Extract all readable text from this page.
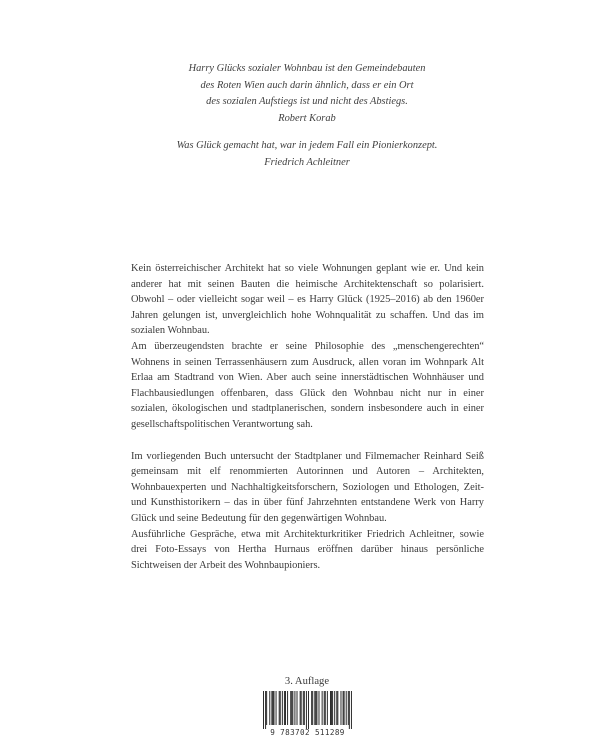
Harry Glücks sozialer Wohnbau ist den Gemeindebauten
des Roten Wien auch darin ähnlich, dass er ein Ort
des sozialen Aufstiegs ist und nicht des Abstiegs.
Robert Korab
Was Glück gemacht hat, war in jedem Fall ein Pionierkonzept.
Friedrich Achleitner

Kein österreichischer Architekt hat so viele Wohnungen geplant wie er. Und kein anderer hat mit seinen Bauten die heimische Architektenschaft so polarisiert. Obwohl – oder vielleicht sogar weil – es Harry Glück (1925–2016) ab den 1960er Jahren gelungen ist, unvergleichlich hohe Wohnqualität zu schaffen. Und das im sozialen Wohnbau.

Am überzeugendsten brachte er seine Philosophie des „menschengerechten“ Wohnens in seinen Terrassenhäusern zum Ausdruck, allen voran im Wohnpark Alt Erlaa am Stadtrand von Wien. Aber auch seine innerstädtischen Wohnhäuser und Flachbausiedlungen offenbaren, dass Glück den Wohnbau nicht nur in einer sozialen, ökologischen und stadtplanerischen, sondern insbesondere auch in einer gesellschaftspolitischen Verantwortung sah.

Im vorliegenden Buch untersucht der Stadtplaner und Filmemacher Reinhard Seiß gemeinsam mit elf renommierten Autorinnen und Autoren – Architekten, Wohnbauexperten und Nachhaltigkeitsforschern, Soziologen und Ethologen, Zeit- und Kunsthistorikern – das in über fünf Jahrzehnten entstandene Werk von Harry Glück und seine Bedeutung für den gegenwärtigen Wohnbau.

Ausführliche Gespräche, etwa mit Architekturkritiker Friedrich Achleitner, sowie drei Foto-Essays von Hertha Hurnaus eröffnen darüber hinaus persönliche Sichtweisen der Arbeit des Wohnbaupioniers.

3. Auflage
9 783702 511289
